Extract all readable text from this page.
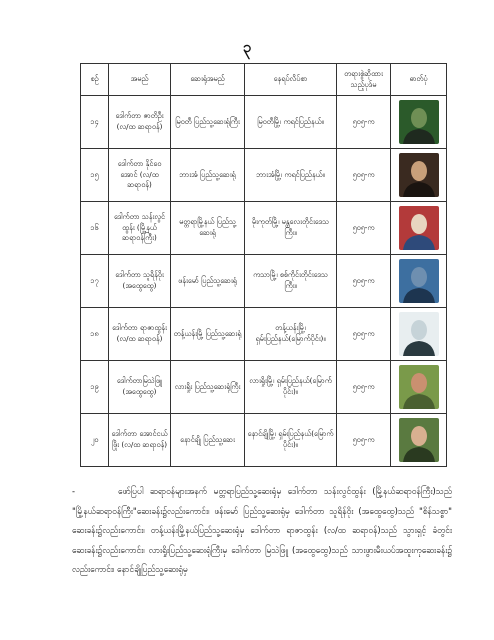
၃
စဉ်	အမည်	ဆေးရုံအမည်	နေရပ်လိပ်စာ	တရားစွဲဆိုထား သည့်ပုဒ်မ	ဓာတ်ပုံ
၁၄	ဒေါက်တာ ဇာတိဦး (လ/ထ ဆရာဝန်)	မြဝတီ ပြည်သူ့ဆေးရုံကြီး	မြဝတီမြို့၊ ကရင်ပြည်နယ်။	၅၀၅-က	

၁၅	ဒေါက်တာ နိုင်ဝေအောင် (လ/ထ ဆရာဝန်)	ဘားအံ ပြည်သူ့ဆေးရုံ	ဘားအံမြို့၊ ကရင်ပြည်နယ်။	၅၀၅-က	

၁၆	ဒေါက်တာ သန်းလွင်ထွန်း (မြို့နယ် ဆရာဝန်ကြီး)	မတ္တရာမြို့နယ် ပြည်သူ့ဆေးရုံ	မိုးကုတ်မြို့၊ မန္တလေးတိုင်းဒေသကြီး။	၅၀၅-က	

၁၇	ဒေါက်တာ သူရိန်ဝိုး (အထွေထွေ)	ဖန်းမော် ပြည်သူ့ဆေးရုံ	ကသာမြို့၊ စစ်ကိုင်းတိုင်းဒေသကြီး။	၅၀၅-က	

၁၈	ဒေါက်တာ ရာဇာထွန်း (လ/ထ ဆရာဝန်)	တန့်ယန်းမြို့ ပြည်သူ့ဆေးရုံ	တန့်ယန်းမြို့၊ ရှမ်းပြည်နယ်(မြောက်ပိုင်း)။	၅၀၅-က	

၁၉	ဒေါက်တာမြသဲဖြူ (အထွေထွေ)	လားရှိုး ပြည်သူ့ဆေးရုံကြီး	လားရှိုးမြို့၊ ရှမ်းပြည်နယ်(မြောက်ပိုင်း)။	၅၀၅-က	

၂၀	ဒေါက်တာ အောင်ငယ်ဖြိုး (လ/ထ ဆရာဝန်)	နောင်ချို ပြည်သူ့ဆေး	နောင်ချိုမြို့၊ ရှမ်းပြည်နယ်(မြောက်ပိုင်း)။	၅၀၅-က	
-	ဖော်ပြပါ ဆရာဝန်များအနက် မတ္တရာပြည်သူ့ဆေးရုံမှ ဒေါက်တာ သန်းလွင်ထွန်း (မြို့နယ်ဆရာဝန်ကြီး)သည် "မြို့နယ်ဆရာဝန်ကြီး"ဆေးခန်း၌လည်းကောင်း၊ ဖန်းမော် ပြည်သူ့ဆေးရုံမှ ဒေါက်တာ သူရိန်ဝိုး (အထွေထွေ)သည် "စိန်သစ္စာ" ဆေးခန်း၌လည်းကောင်း၊ တန့်ယန်းမြို့နယ်ပြည်သူ့ဆေးရုံမှ ဒေါက်တာ ရာဇာထွန်း (လ/ထ ဆရာဝန်)သည် သွားရှင့် ခံတွင်း ဆေးခန်း၌လည်းကောင်း၊ လားရှိုးပြည်သူ့ဆေးရုံကြီးမှ ဒေါက်တာ မြသဲဖြူ (အထွေထွေ)သည် သားဖွားမီးယပ်အထူးကုဆေးခန်း၌ လည်းကောင်း၊ နောင်ချိုပြည်သူ့ဆေးရုံမှ
